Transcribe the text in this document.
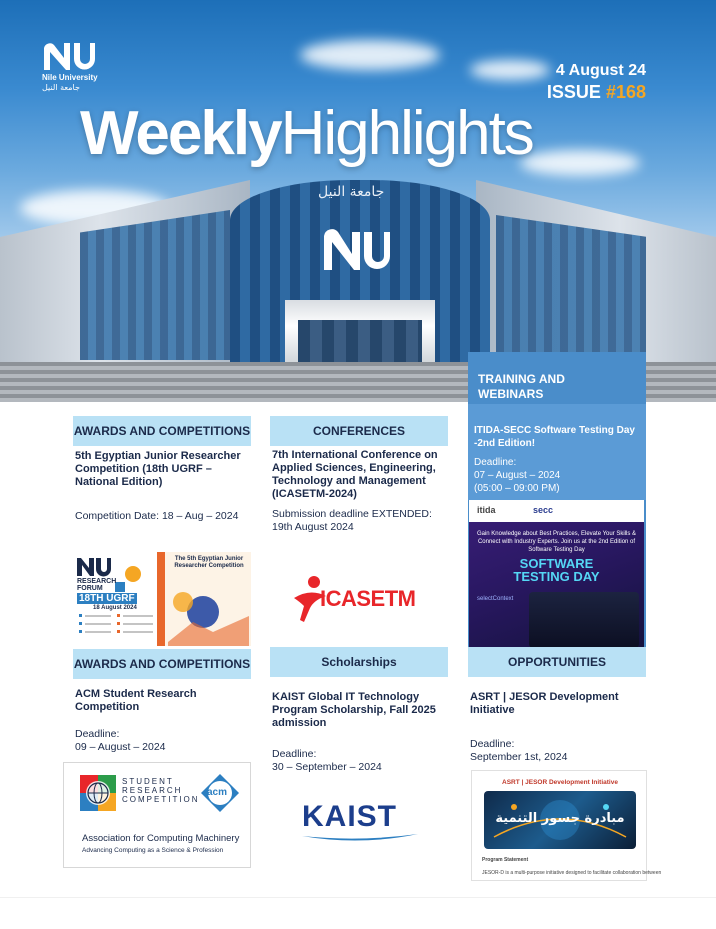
جامعة النيل
Nile University
جامعة النيل
4 August 24
ISSUE #168
WeeklyHighlights
AWARDS AND COMPETITIONS
5th Egyptian Junior Researcher Competition (18th UGRF – National Edition)
Competition Date: 18 – Aug – 2024
RESEARCH
FORUM
18TH UGRF
18 August 2024
The 5th Egyptian Junior Researcher Competition
CONFERENCES
7th International Conference on Applied Sciences, Engineering, Technology and Management (ICASETM-2024)
Submission deadline EXTENDED: 19th August 2024
ICASETM
TRAINING AND WEBINARS
ITIDA-SECC Software Testing Day -2nd Edition!
Deadline:
07 – August – 2024
(05:00 – 09:00 PM)
itida	secc
Gain Knowledge about Best Practices, Elevate Your Skills & Connect with Industry Experts. Join us at the 2nd Edition of Software Testing Day
SOFTWARE
TESTING DAY
selectContext
AWARDS AND COMPETITIONS
ACM Student Research Competition
Deadline:
09 – August – 2024
STUDENT
RESEARCH
COMPETITION
acm
Association for Computing Machinery
Advancing Computing as a Science & Profession
Scholarships
KAIST Global IT Technology Program Scholarship, Fall 2025 admission
Deadline:
30 – September – 2024
KAIST
OPPORTUNITIES
ASRT | JESOR Development Initiative
Deadline:
September 1st, 2024
ASRT | JESOR Development Initiative
مبادرة جسور التنمية
Program Statement
JESOR-D is a multi-purpose initiative designed to facilitate collaboration between
